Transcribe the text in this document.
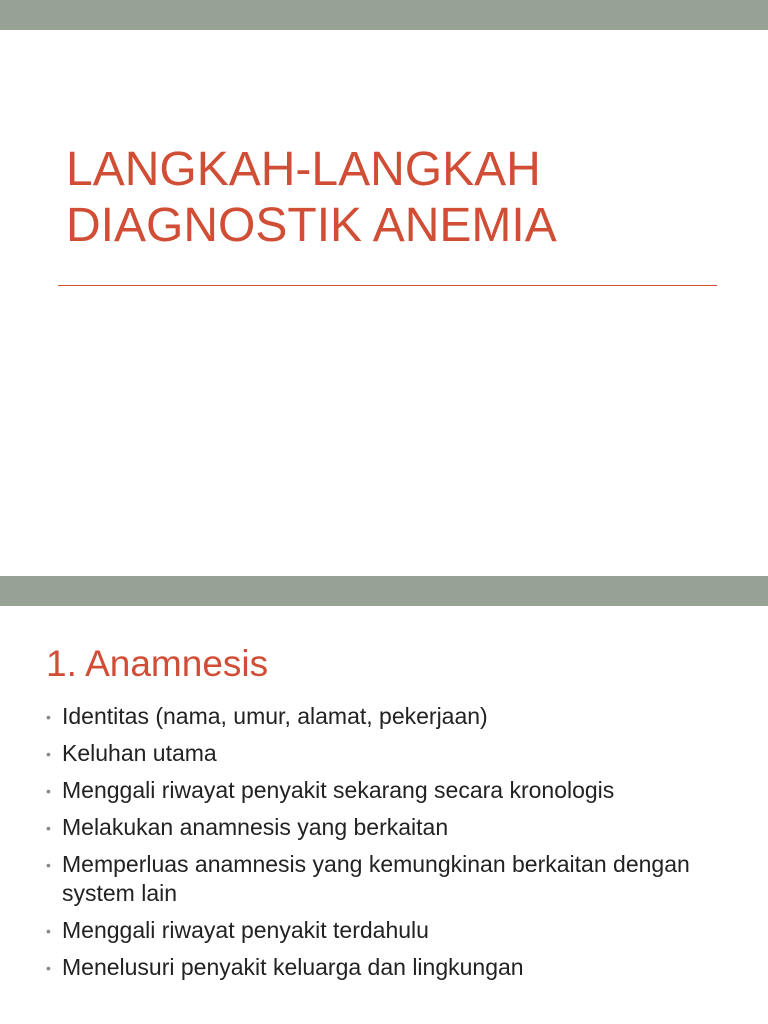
LANGKAH-LANGKAH
DIAGNOSTIK ANEMIA
1. Anamnesis
• Identitas (nama, umur, alamat, pekerjaan)
• Keluhan utama
• Menggali riwayat penyakit sekarang secara kronologis
• Melakukan anamnesis yang berkaitan
• Memperluas anamnesis yang kemungkinan berkaitan dengan system lain
• Menggali riwayat penyakit terdahulu
• Menelusuri penyakit keluarga dan lingkungan
